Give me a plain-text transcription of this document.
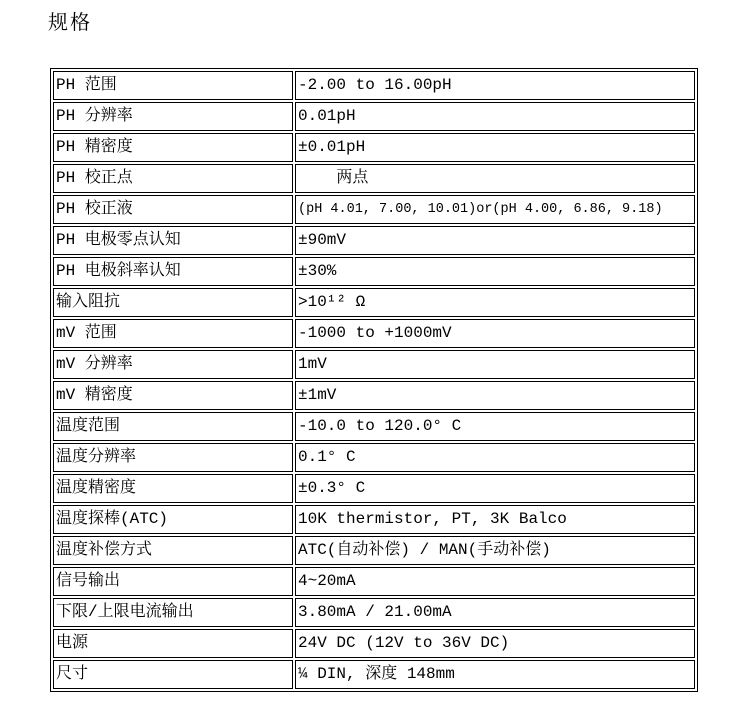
规格
PH 范围	-2.00 to 16.00pH
PH 分辨率	0.01pH
PH 精密度	±0.01pH
PH 校正点	两点
PH 校正液	(pH 4.01, 7.00, 10.01)or(pH 4.00, 6.86, 9.18)
PH 电极零点认知	±90mV
PH 电极斜率认知	±30%
输入阻抗	>10¹² Ω
mV 范围	-1000 to +1000mV
mV 分辨率	1mV
mV 精密度	±1mV
温度范围	-10.0 to 120.0° C
温度分辨率	0.1° C
温度精密度	±0.3° C
温度探棒(ATC)	10K thermistor, PT, 3K Balco
温度补偿方式	ATC(自动补偿) / MAN(手动补偿)
信号输出	4~20mA
下限/上限电流输出	3.80mA / 21.00mA
电源	24V DC (12V to 36V DC)
尺寸	¼ DIN, 深度 148mm
